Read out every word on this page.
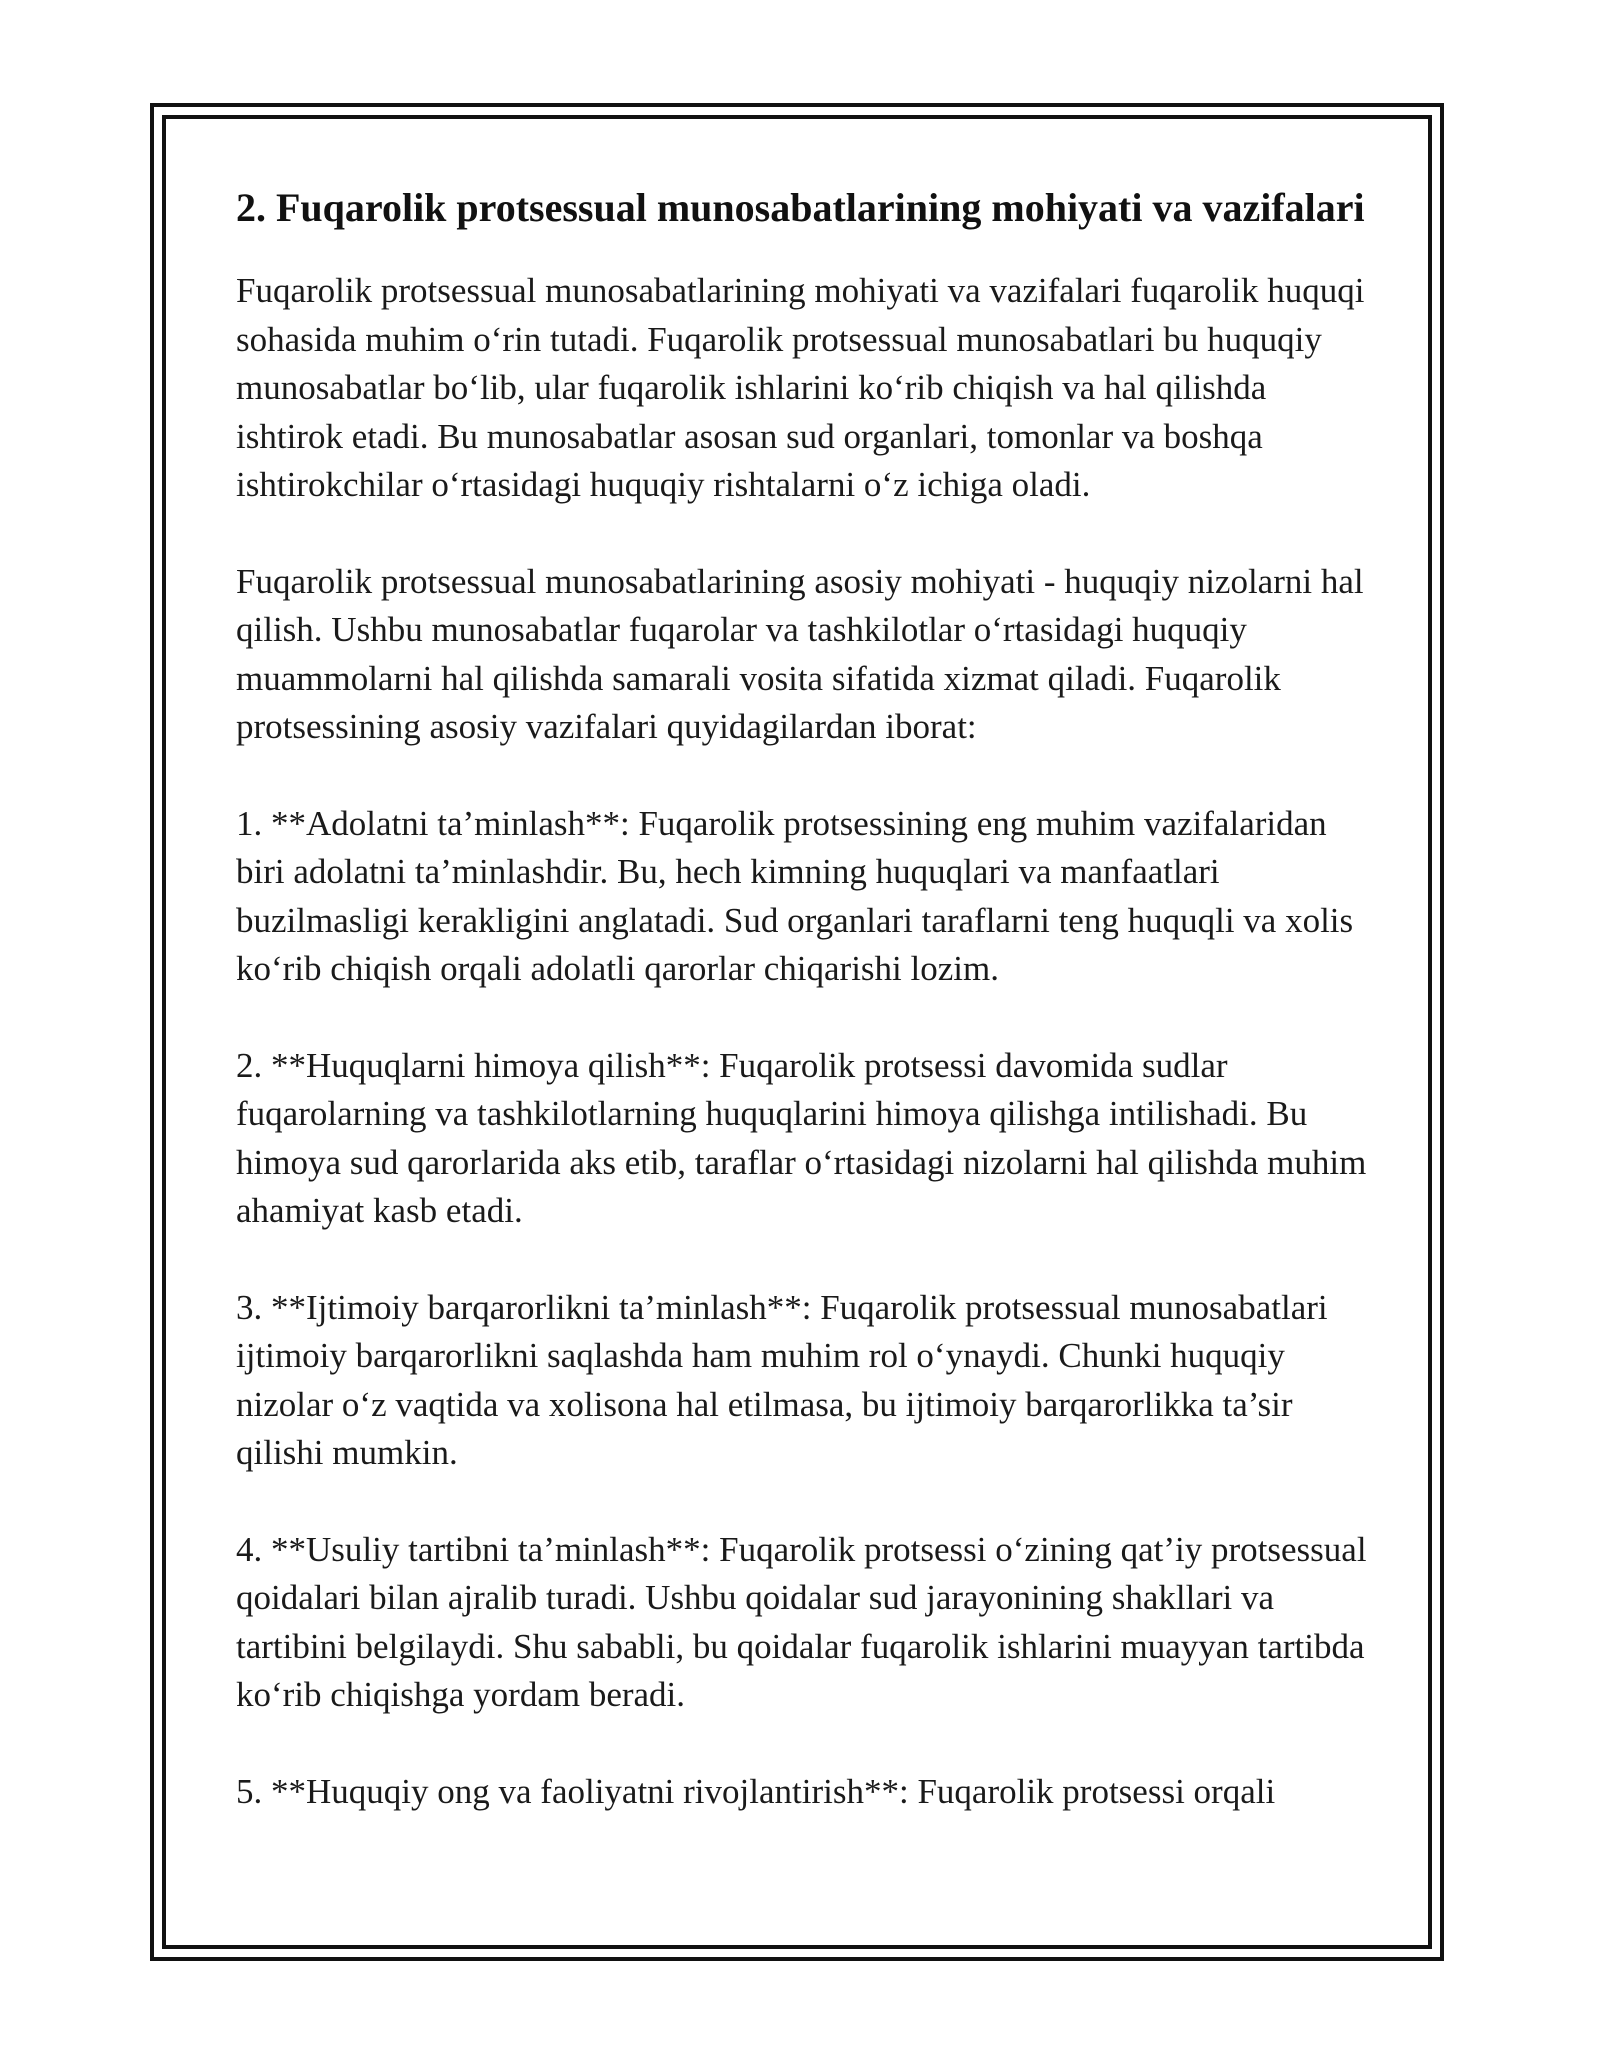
2. Fuqarolik protsessual munosabatlarining mohiyati va vazifalari

Fuqarolik protsessual munosabatlarining mohiyati va vazifalari fuqarolik huquqi sohasida muhim o‘rin tutadi. Fuqarolik protsessual munosabatlari bu huquqiy munosabatlar bo‘lib, ular fuqarolik ishlarini ko‘rib chiqish va hal qilishda ishtirok etadi. Bu munosabatlar asosan sud organlari, tomonlar va boshqa ishtirokchilar o‘rtasidagi huquqiy rishtalarni o‘z ichiga oladi.

Fuqarolik protsessual munosabatlarining asosiy mohiyati - huquqiy nizolarni hal qilish. Ushbu munosabatlar fuqarolar va tashkilotlar o‘rtasidagi huquqiy muammolarni hal qilishda samarali vosita sifatida xizmat qiladi. Fuqarolik protsessining asosiy vazifalari quyidagilardan iborat:

1. **Adolatni ta’minlash**: Fuqarolik protsessining eng muhim vazifalaridan biri adolatni ta’minlashdir. Bu, hech kimning huquqlari va manfaatlari buzilmasligi kerakligini anglatadi. Sud organlari taraflarni teng huquqli va xolis ko‘rib chiqish orqali adolatli qarorlar chiqarishi lozim.

2. **Huquqlarni himoya qilish**: Fuqarolik protsessi davomida sudlar fuqarolarning va tashkilotlarning huquqlarini himoya qilishga intilishadi. Bu himoya sud qarorlarida aks etib, taraflar o‘rtasidagi nizolarni hal qilishda muhim ahamiyat kasb etadi.

3. **Ijtimoiy barqarorlikni ta’minlash**: Fuqarolik protsessual munosabatlari ijtimoiy barqarorlikni saqlashda ham muhim rol o‘ynaydi. Chunki huquqiy nizolar o‘z vaqtida va xolisona hal etilmasa, bu ijtimoiy barqarorlikka ta’sir qilishi mumkin.

4. **Usuliy tartibni ta’minlash**: Fuqarolik protsessi o‘zining qat’iy protsessual qoidalari bilan ajralib turadi. Ushbu qoidalar sud jarayonining shakllari va tartibini belgilaydi. Shu sababli, bu qoidalar fuqarolik ishlarini muayyan tartibda ko‘rib chiqishga yordam beradi.

5. **Huquqiy ong va faoliyatni rivojlantirish**: Fuqarolik protsessi orqali
